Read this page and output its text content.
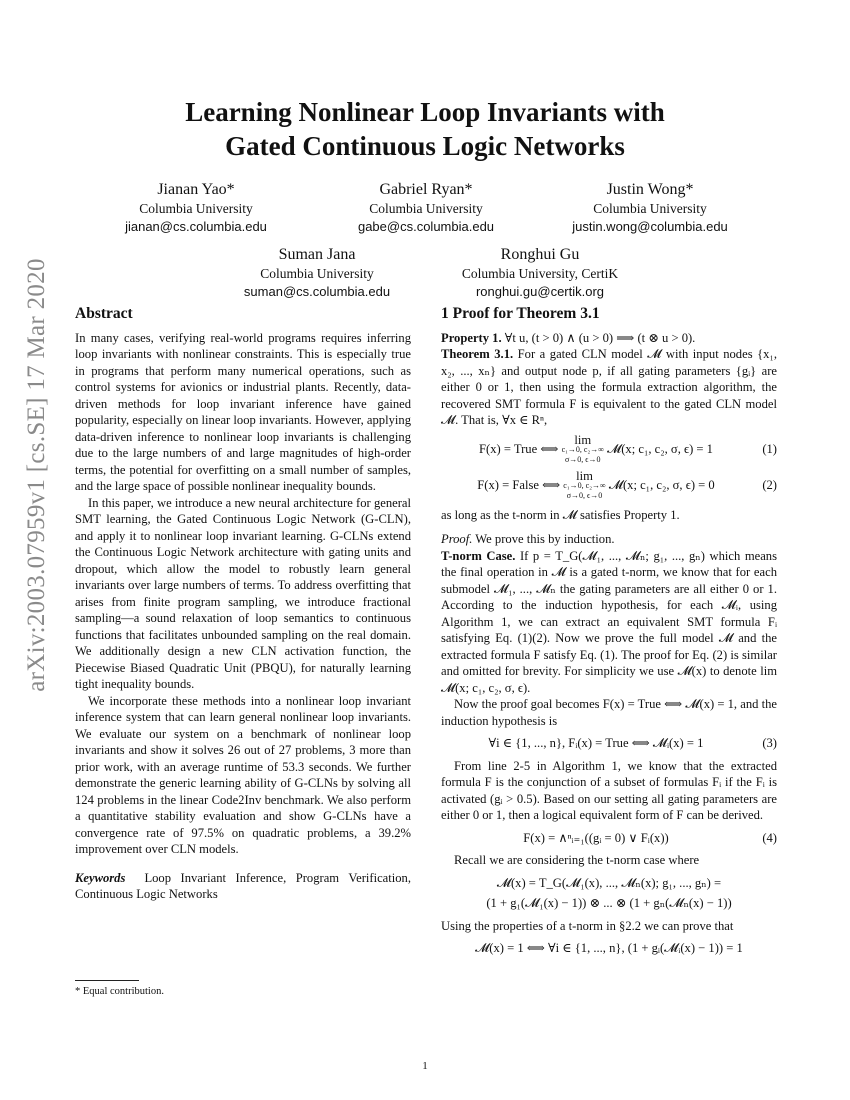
arXiv:2003.07959v1 [cs.SE] 17 Mar 2020
Learning Nonlinear Loop Invariants with
Gated Continuous Logic Networks
Jianan Yao*
Columbia University
jianan@cs.columbia.edu
Gabriel Ryan*
Columbia University
gabe@cs.columbia.edu
Justin Wong*
Columbia University
justin.wong@columbia.edu
Suman Jana
Columbia University
suman@cs.columbia.edu
Ronghui Gu
Columbia University, CertiK
ronghui.gu@certik.org
Abstract

In many cases, verifying real-world programs requires inferring loop invariants with nonlinear constraints. This is especially true in programs that perform many numerical operations, such as control systems for avionics or industrial plants. Recently, data-driven methods for loop invariant inference have gained popularity, especially on linear loop invariants. However, applying data-driven inference to nonlinear loop invariants is challenging due to the large numbers of and large magnitudes of high-order terms, the potential for overfitting on a small number of samples, and the large space of possible nonlinear inequality bounds.

In this paper, we introduce a new neural architecture for general SMT learning, the Gated Continuous Logic Network (G-CLN), and apply it to nonlinear loop invariant learning. G-CLNs extend the Continuous Logic Network architecture with gating units and dropout, which allow the model to robustly learn general invariants over large numbers of terms. To address overfitting that arises from finite program sampling, we introduce fractional sampling—a sound relaxation of loop semantics to continuous functions that facilitates unbounded sampling on the real domain. We additionally design a new CLN activation function, the Piecewise Biased Quadratic Unit (PBQU), for naturally learning tight inequality bounds.

We incorporate these methods into a nonlinear loop invariant inference system that can learn general nonlinear loop invariants. We evaluate our system on a benchmark of nonlinear loop invariants and show it solves 26 out of 27 problems, 3 more than prior work, with an average runtime of 53.3 seconds. We further demonstrate the generic learning ability of G-CLNs by solving all 124 problems in the linear Code2Inv benchmark. We also perform a quantitative stability evaluation and show G-CLNs have a convergence rate of 97.5% on quadratic problems, a 39.2% improvement over CLN models.

Keywords Loop Invariant Inference, Program Verification, Continuous Logic Networks

* Equal contribution.
1 Proof for Theorem 3.1

Property 1. ∀t u, (t > 0) ∧ (u > 0) ⟹ (t ⊗ u > 0).

Theorem 3.1. For a gated CLN model 𝓜 with input nodes {x₁, x₂, ..., xₙ} and output node p, if all gating parameters {gᵢ} are either 0 or 1, then using the formula extraction algorithm, the recovered SMT formula F is equivalent to the gated CLN model 𝓜. That is, ∀x ∈ Rⁿ,

F(x) = True ⟺ lim
c₁→0, c₂→∞
σ→0, ϵ→0
𝓜(x; c₁, c₂, σ, ϵ) = 1	(1)
F(x) = False ⟺ lim
c₁→0, c₂→∞
σ→0, ϵ→0
𝓜(x; c₁, c₂, σ, ϵ) = 0	(2)

as long as the t-norm in 𝓜 satisfies Property 1.

Proof. We prove this by induction.

T-norm Case. If p = T_G(𝓜₁, ..., 𝓜ₙ; g₁, ..., gₙ) which means the final operation in 𝓜 is a gated t-norm, we know that for each submodel 𝓜₁, ..., 𝓜ₙ the gating parameters are all either 0 or 1. According to the induction hypothesis, for each 𝓜ᵢ, using Algorithm 1, we can extract an equivalent SMT formula Fᵢ satisfying Eq. (1)(2). Now we prove the full model 𝓜 and the extracted formula F satisfy Eq. (1). The proof for Eq. (2) is similar and omitted for brevity. For simplicity we use 𝓜(x) to denote lim 𝓜(x; c₁, c₂, σ, ϵ).

Now the proof goal becomes F(x) = True ⟺ 𝓜(x) = 1, and the induction hypothesis is

∀i ∈ {1, ..., n}, Fᵢ(x) = True ⟺ 𝓜ᵢ(x) = 1	(3)

From line 2-5 in Algorithm 1, we know that the extracted formula F is the conjunction of a subset of formulas Fᵢ if the Fᵢ is activated (gᵢ > 0.5). Based on our setting all gating parameters are either 0 or 1, then a logical equivalent form of F can be derived.

F(x) = ∧ⁿᵢ₌₁((gᵢ = 0) ∨ Fᵢ(x))	(4)

Recall we are considering the t-norm case where

𝓜(x) = T_G(𝓜₁(x), ..., 𝓜ₙ(x); g₁, ..., gₙ) =
(1 + g₁(𝓜₁(x) − 1)) ⊗ ... ⊗ (1 + gₙ(𝓜ₙ(x) − 1))

Using the properties of a t-norm in §2.2 we can prove that

𝓜(x) = 1 ⟺ ∀i ∈ {1, ..., n}, (1 + gᵢ(𝓜ᵢ(x) − 1)) = 1
1
